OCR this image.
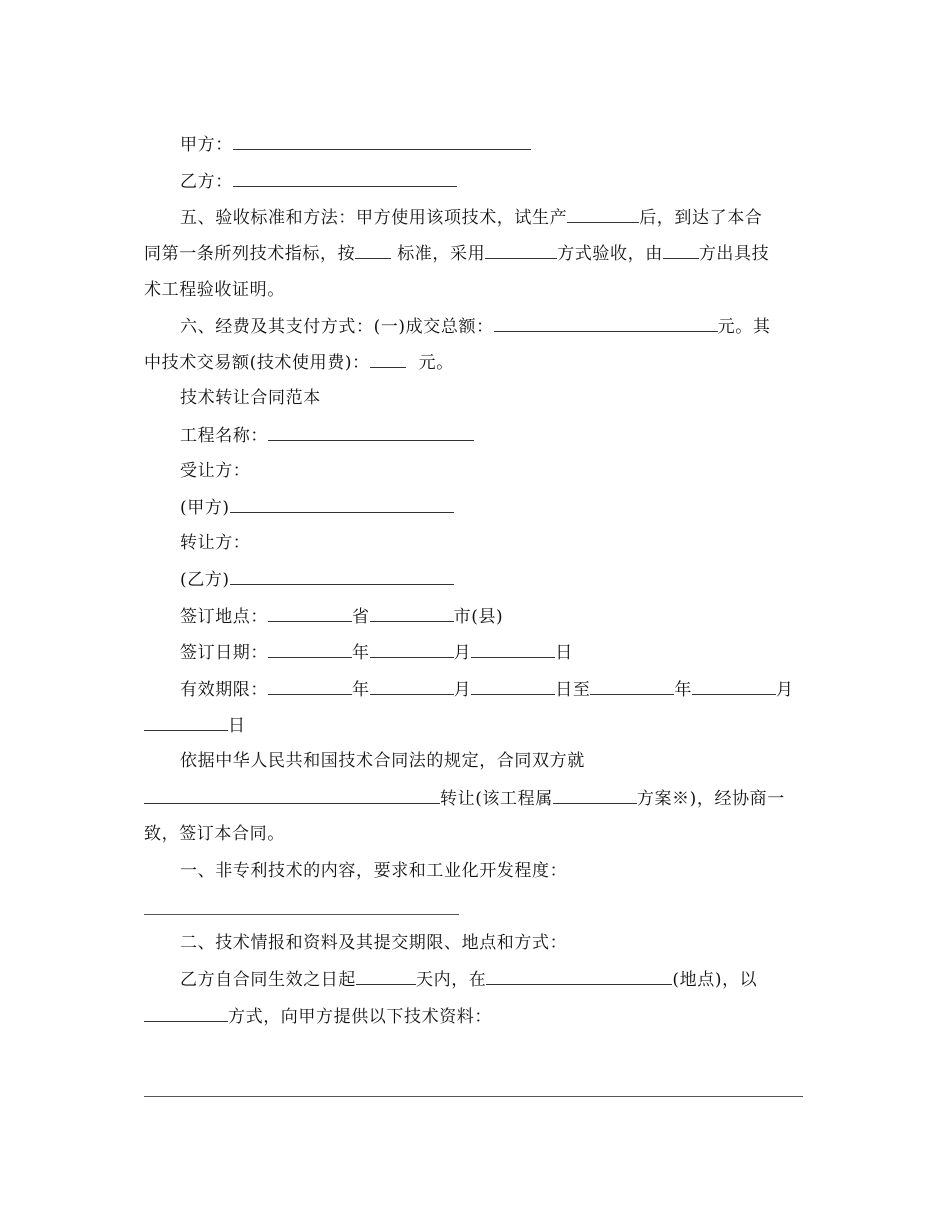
甲方：
乙方：
五、验收标准和方法：甲方使用该项技术，试生产	后，到达了本合
同第一条所列技术指标，按 标准，采用	方式验收，由 方出具技
术工程验收证明。
六、经费及其支付方式：(一)成交总额：	元。其
中技术交易额(技术使用费)：	元。
技术转让合同范本
工程名称：
受让方：
(甲方)
转让方：
(乙方)
签订地点：	省	市(县)
签订日期：	年	月	日
有效期限：	年	月	日至	年	月
日
依据中华人民共和国技术合同法的规定，合同双方就
转让(该工程属	方案※)，经协商一
致，签订本合同。
一、非专利技术的内容，要求和工业化开发程度：
二、技术情报和资料及其提交期限、地点和方式：
乙方自合同生效之日起	天内，在	(地点)，以
方式，向甲方提供以下技术资料：
